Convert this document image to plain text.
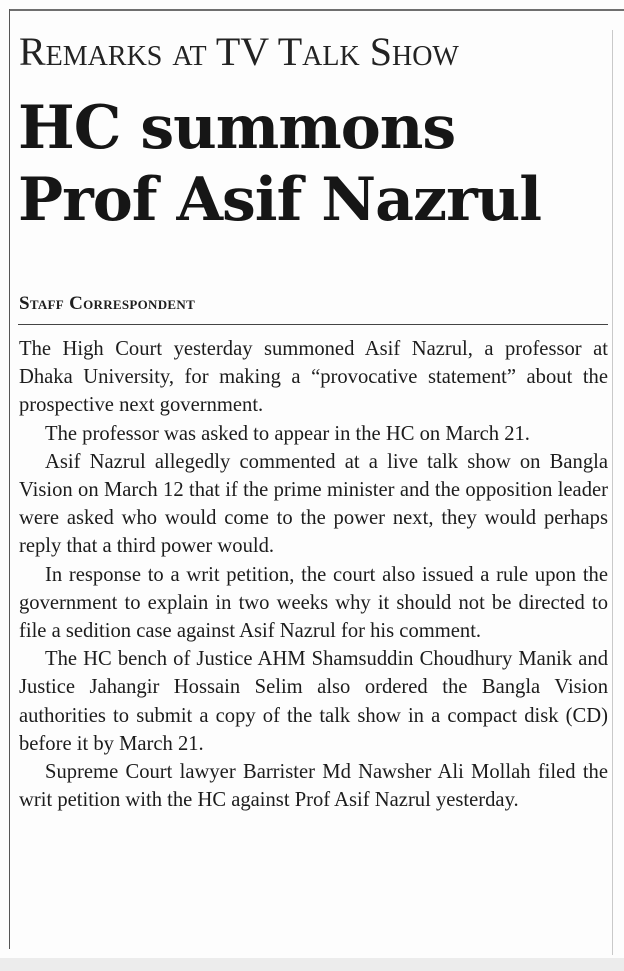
Remarks at TV Talk Show
HC summons Prof Asif Nazrul
Staff Correspondent

The High Court yesterday summoned Asif Nazrul, a professor at Dhaka University, for making a “provocative statement” about the prospective next government.

The professor was asked to appear in the HC on March 21.

Asif Nazrul allegedly commented at a live talk show on Bangla Vision on March 12 that if the prime minister and the opposition leader were asked who would come to the power next, they would perhaps reply that a third power would.

In response to a writ petition, the court also issued a rule upon the government to explain in two weeks why it should not be directed to file a sedition case against Asif Nazrul for his comment.

The HC bench of Justice AHM Shamsuddin Choudhury Manik and Justice Jahangir Hossain Selim also ordered the Bangla Vision authorities to submit a copy of the talk show in a compact disk (CD) before it by March 21.

Supreme Court lawyer Barrister Md Nawsher Ali Mollah filed the writ petition with the HC against Prof Asif Nazrul yesterday.
